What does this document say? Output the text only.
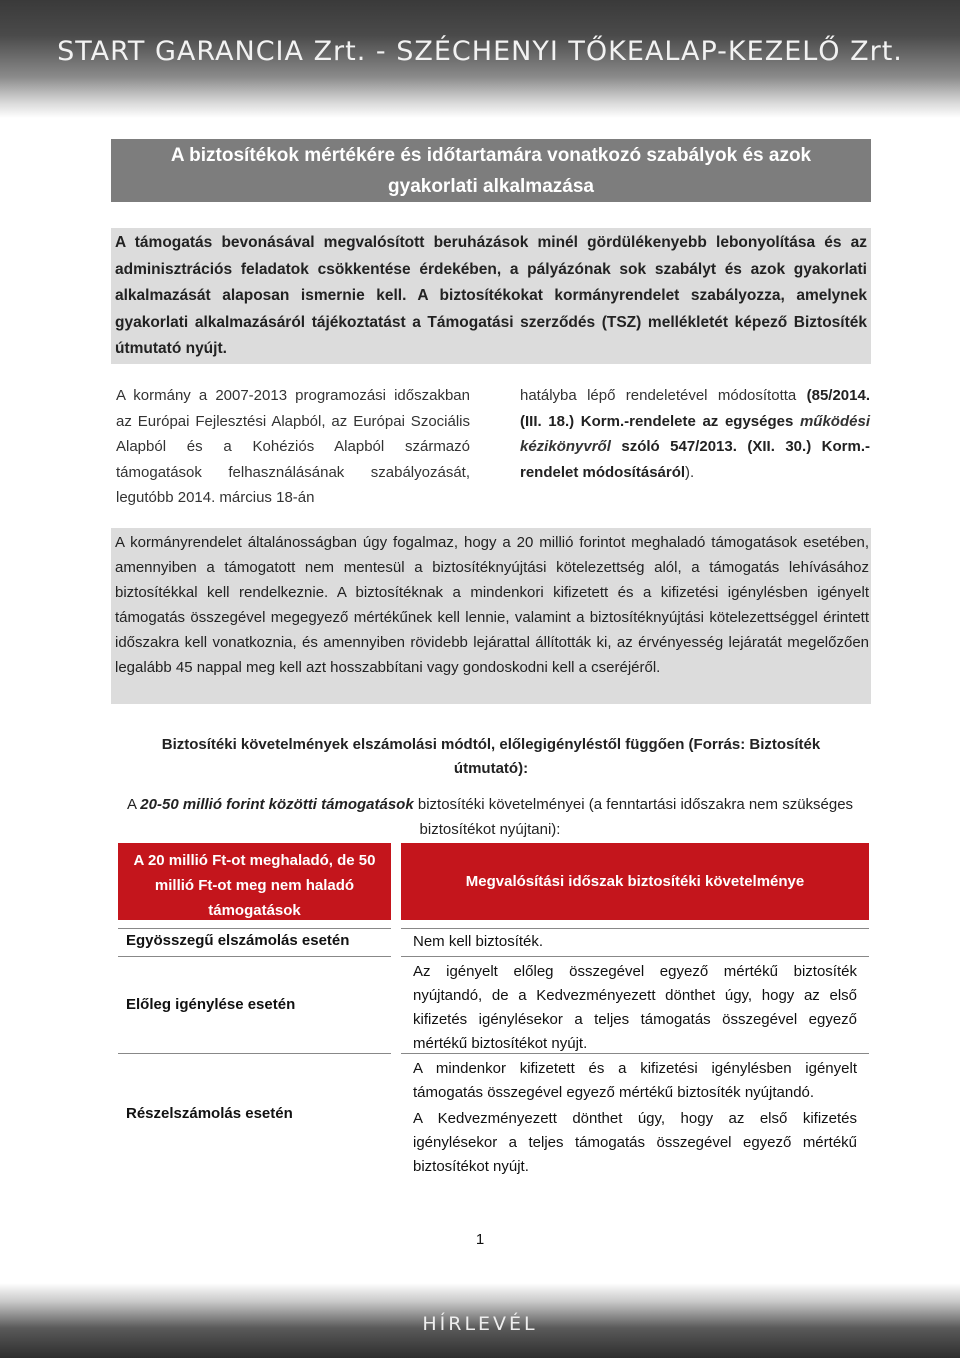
START GARANCIA Zrt. - SZÉCHENYI TŐKEALAP-KEZELŐ Zrt.
A biztosítékok mértékére és időtartamára vonatkozó szabályok és azok
gyakorlati alkalmazása
A támogatás bevonásával megvalósított beruházások minél gördülékenyebb lebonyolítása és az adminisztrációs feladatok csökkentése érdekében, a pályázónak sok szabályt és azok gyakorlati alkalmazását alaposan ismernie kell. A biztosítékokat kormányrendelet szabályozza, amelynek gyakorlati alkalmazásáról tájékoztatást a Támogatási szerződés (TSZ) mellékletét képező Biztosíték útmutató nyújt.
A kormány a 2007-2013 programozási időszakban az Európai Fejlesztési Alapból, az Európai Szociális Alapból és a Kohéziós Alapból származó támogatások felhasználásának szabályozását, legutóbb 2014. március 18-án
hatályba lépő rendeletével módosította (85/2014. (III. 18.) Korm.-rendelete az egységes működési kézikönyvről szóló 547/2013. (XII. 30.) Korm.-rendelet módosításáról).
A kormányrendelet általánosságban úgy fogalmaz, hogy a 20 millió forintot meghaladó támogatások esetében, amennyiben a támogatott nem mentesül a biztosítéknyújtási kötelezettség alól, a támogatás lehívásához biztosítékkal kell rendelkeznie. A biztosítéknak a mindenkori kifizetett és a kifizetési igénylésben igényelt támogatás összegével megegyező mértékűnek kell lennie, valamint a biztosítéknyújtási kötelezettséggel érintett időszakra kell vonatkoznia, és amennyiben rövidebb lejárattal állították ki, az érvényesség lejáratát megelőzően legalább 45 nappal meg kell azt hosszabbítani vagy gondoskodni kell a cseréjéről.
Biztosítéki követelmények elszámolási módtól, előlegigényléstől függően (Forrás: Biztosíték útmutató):
A 20-50 millió forint közötti támogatások biztosítéki követelményei (a fenntartási időszakra nem szükséges biztosítékot nyújtani):
A 20 millió Ft-ot meghaladó, de 50 millió Ft-ot meg nem haladó támogatások
Megvalósítási időszak biztosítéki követelménye
Egyösszegű elszámolás esetén	Nem kell biztosíték.
Előleg igénylése esetén
Az igényelt előleg összegével egyező mértékű biztosíték nyújtandó, de a Kedvezményezett dönthet úgy, hogy az első kifizetés igénylésekor a teljes támogatás összegével egyező mértékű biztosítékot nyújt.
Részelszámolás esetén
A mindenkor kifizetett és a kifizetési igénylésben igényelt támogatás összegével egyező mértékű biztosíték nyújtandó.
A Kedvezményezett dönthet úgy, hogy az első kifizetés igénylésekor a teljes támogatás összegével egyező mértékű biztosítékot nyújt.
1
HÍRLEVÉL
